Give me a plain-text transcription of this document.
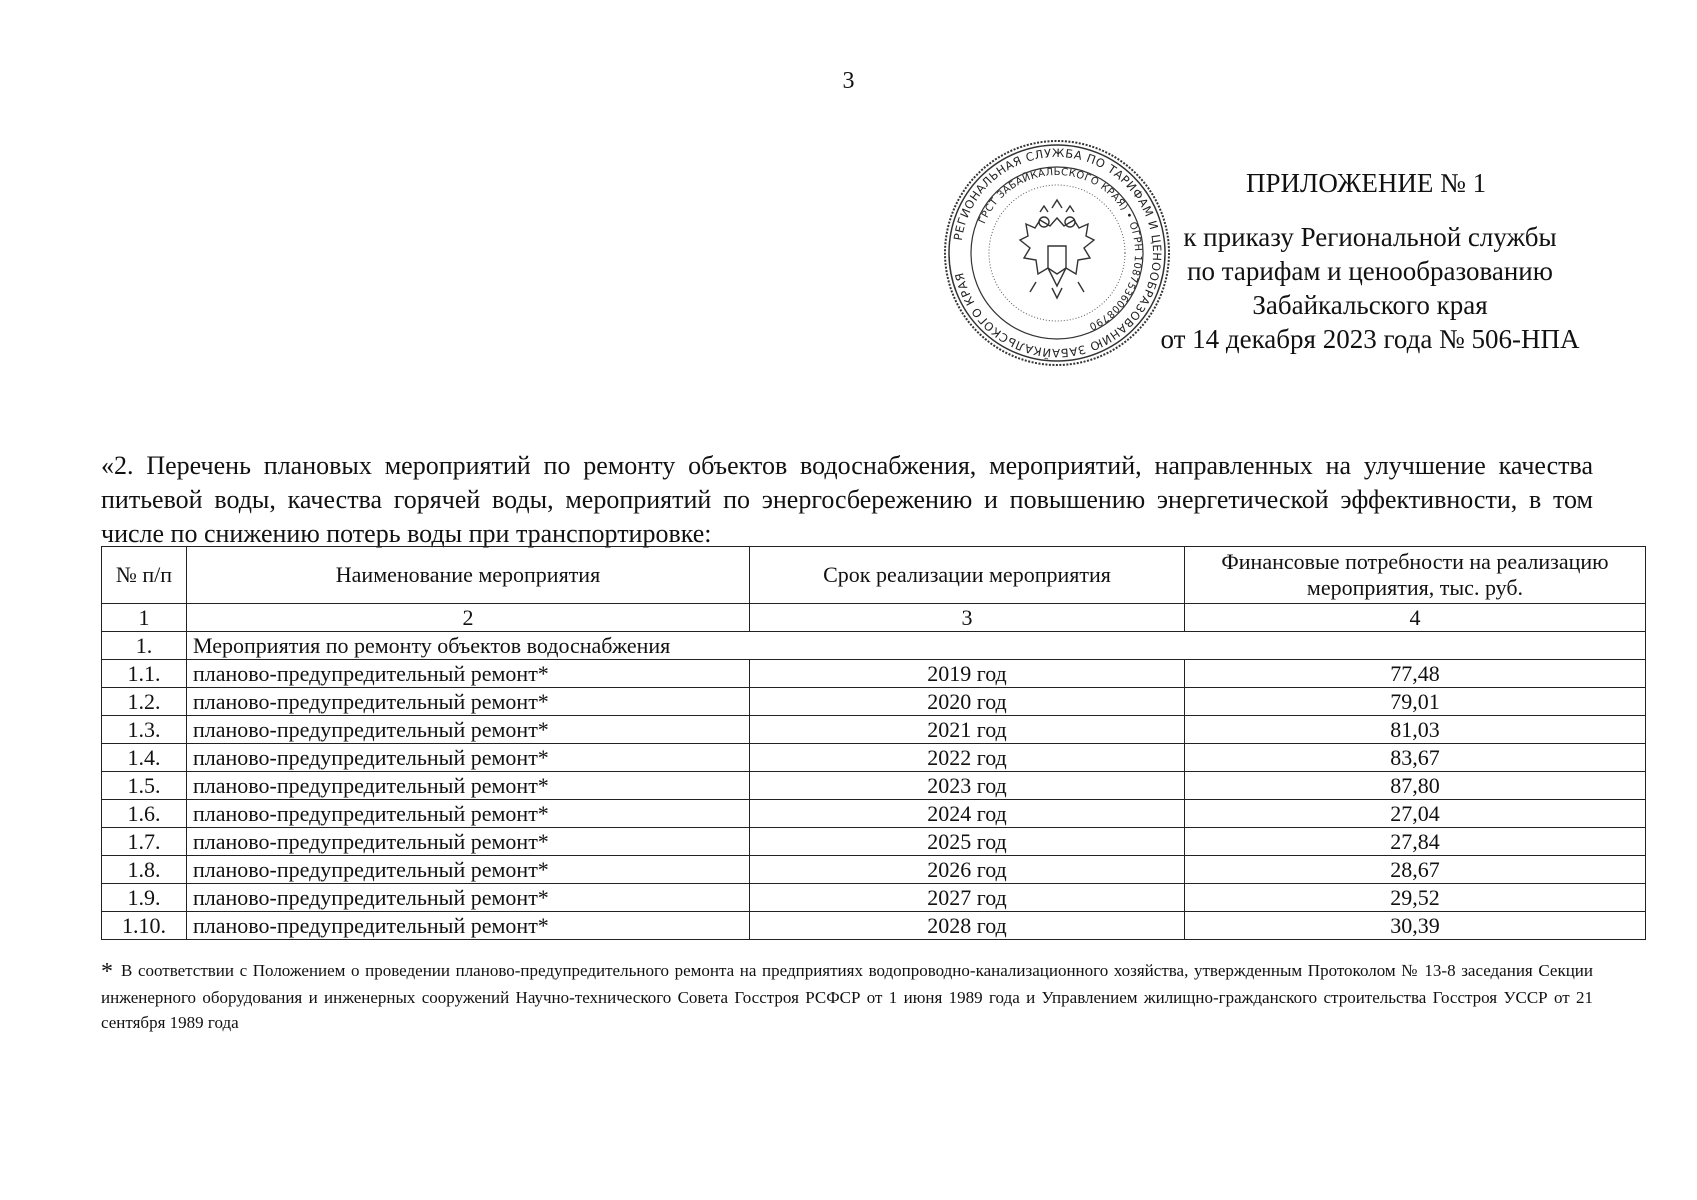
3
РЕГИОНАЛЬНАЯ СЛУЖБА ПО ТАРИФАМ И ЦЕНООБРАЗОВАНИЮ ЗАБАЙКАЛЬСКОГО КРАЯ
ГРСТ ЗАБАЙКАЛЬСКОГО КРАЯ) • ОГРН 1087536008790
ПРИЛОЖЕНИЕ № 1
к приказу Региональной службы
по тарифам и ценообразованию
Забайкальского края
от 14 декабря 2023 года № 506-НПА
«2. Перечень плановых мероприятий по ремонту объектов водоснабжения, мероприятий, направленных на улучшение качества питьевой воды, качества горячей воды, мероприятий по энергосбережению и повышению энергетической эффективности, в том числе по снижению потерь воды при транспортировке:
№ п/п	Наименование мероприятия	Срок реализации мероприятия	Финансовые потребности на реализацию мероприятия, тыс. руб.
1	2	3	4
1.	Мероприятия по ремонту объектов водоснабжения		
1.1.	планово-предупредительный ремонт*	2019 год	77,48
1.2.	планово-предупредительный ремонт*	2020 год	79,01
1.3.	планово-предупредительный ремонт*	2021 год	81,03
1.4.	планово-предупредительный ремонт*	2022 год	83,67
1.5.	планово-предупредительный ремонт*	2023 год	87,80
1.6.	планово-предупредительный ремонт*	2024 год	27,04
1.7.	планово-предупредительный ремонт*	2025 год	27,84
1.8.	планово-предупредительный ремонт*	2026 год	28,67
1.9.	планово-предупредительный ремонт*	2027 год	29,52
1.10.	планово-предупредительный ремонт*	2028 год	30,39
* В соответствии с Положением о проведении планово-предупредительного ремонта на предприятиях водопроводно-канализационного хозяйства, утвержденным Протоколом № 13-8 заседания Секции инженерного оборудования и инженерных сооружений Научно-технического Совета Госстроя РСФСР от 1 июня 1989 года и Управлением жилищно-гражданского строительства Госстроя УССР от 21 сентября 1989 года
